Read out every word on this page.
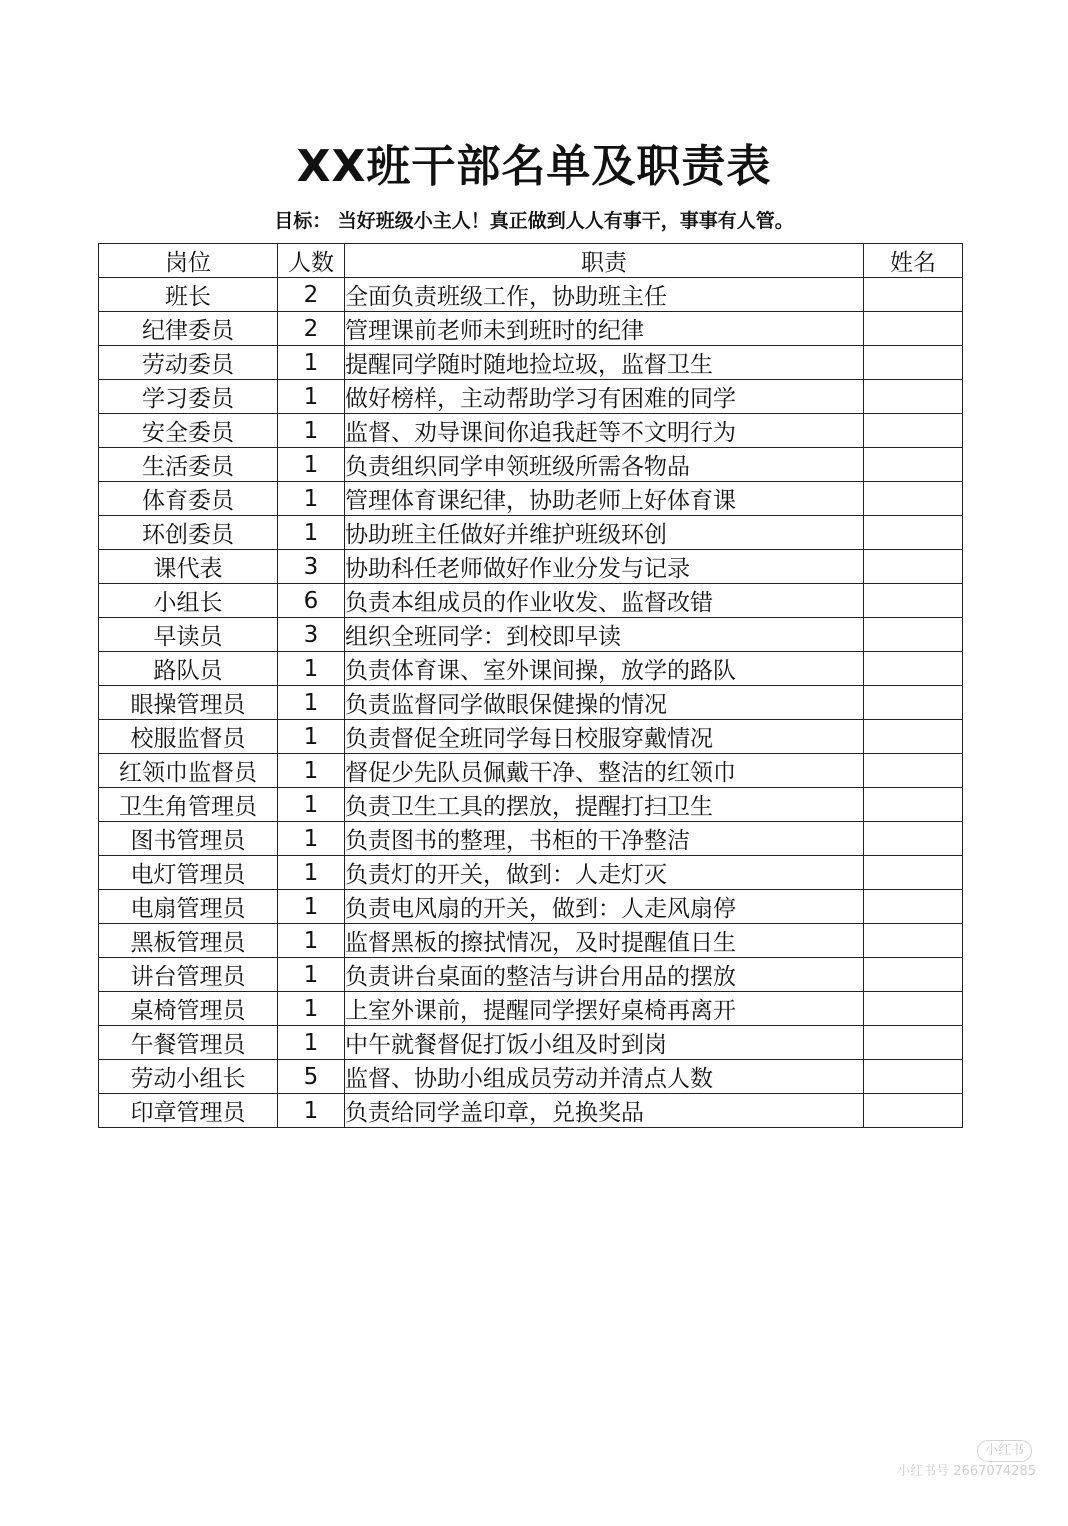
XX班干部名单及职责表
目标： 当好班级小主人！真正做到人人有事干，事事有人管。
岗位	人数	职责	姓名
班长	2	全面负责班级工作，协助班主任	
纪律委员	2	管理课前老师未到班时的纪律	
劳动委员	1	提醒同学随时随地捡垃圾，监督卫生	
学习委员	1	做好榜样，主动帮助学习有困难的同学	
安全委员	1	监督、劝导课间你追我赶等不文明行为	
生活委员	1	负责组织同学申领班级所需各物品	
体育委员	1	管理体育课纪律，协助老师上好体育课	
环创委员	1	协助班主任做好并维护班级环创	
课代表	3	协助科任老师做好作业分发与记录	
小组长	6	负责本组成员的作业收发、监督改错	
早读员	3	组织全班同学：到校即早读	
路队员	1	负责体育课、室外课间操，放学的路队	
眼操管理员	1	负责监督同学做眼保健操的情况	
校服监督员	1	负责督促全班同学每日校服穿戴情况	
红领巾监督员	1	督促少先队员佩戴干净、整洁的红领巾	
卫生角管理员	1	负责卫生工具的摆放，提醒打扫卫生	
图书管理员	1	负责图书的整理，书柜的干净整洁	
电灯管理员	1	负责灯的开关，做到：人走灯灭	
电扇管理员	1	负责电风扇的开关，做到：人走风扇停	
黑板管理员	1	监督黑板的擦拭情况，及时提醒值日生	
讲台管理员	1	负责讲台桌面的整洁与讲台用品的摆放	
桌椅管理员	1	上室外课前，提醒同学摆好桌椅再离开	
午餐管理员	1	中午就餐督促打饭小组及时到岗	
劳动小组长	5	监督、协助小组成员劳动并清点人数	
印章管理员	1	负责给同学盖印章，兑换奖品	
小红书
小红书号 2667074285
